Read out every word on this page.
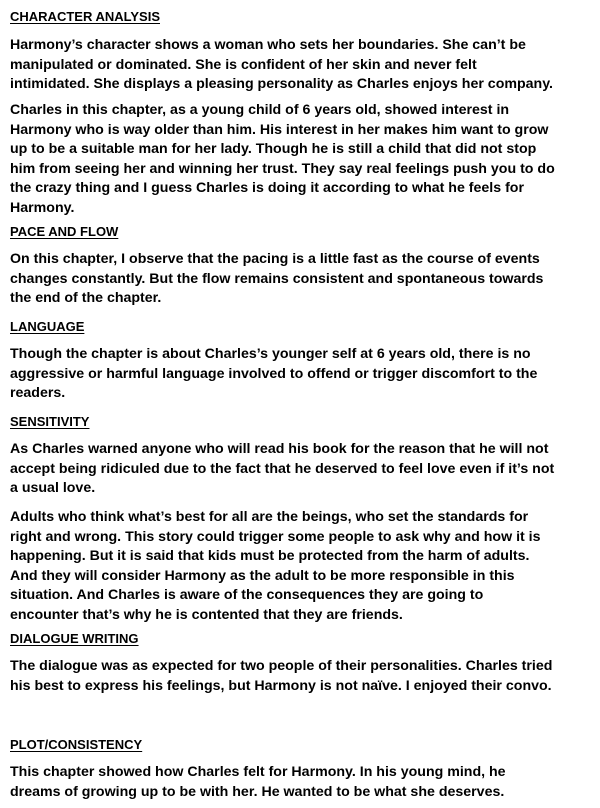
CHARACTER ANALYSIS
Harmony’s character shows a woman who sets her boundaries. She can’t be
manipulated or dominated. She is confident of her skin and never felt
intimidated. She displays a pleasing personality as Charles enjoys her company.
Charles in this chapter, as a young child of 6 years old, showed interest in
Harmony who is way older than him. His interest in her makes him want to grow
up to be a suitable man for her lady. Though he is still a child that did not stop
him from seeing her and winning her trust. They say real feelings push you to do
the crazy thing and I guess Charles is doing it according to what he feels for
Harmony.
PACE AND FLOW
On this chapter, I observe that the pacing is a little fast as the course of events
changes constantly. But the flow remains consistent and spontaneous towards
the end of the chapter.
LANGUAGE
Though the chapter is about Charles’s younger self at 6 years old, there is no
aggressive or harmful language involved to offend or trigger discomfort to the
readers.
SENSITIVITY
As Charles warned anyone who will read his book for the reason that he will not
accept being ridiculed due to the fact that he deserved to feel love even if it’s not
a usual love.
Adults who think what’s best for all are the beings, who set the standards for
right and wrong. This story could trigger some people to ask why and how it is
happening. But it is said that kids must be protected from the harm of adults.
And they will consider Harmony as the adult to be more responsible in this
situation. And Charles is aware of the consequences they are going to
encounter that’s why he is contented that they are friends.
DIALOGUE WRITING
The dialogue was as expected for two people of their personalities. Charles tried
his best to express his feelings, but Harmony is not naïve. I enjoyed their convo.
PLOT/CONSISTENCY
This chapter showed how Charles felt for Harmony. In his young mind, he
dreams of growing up to be with her. He wanted to be what she deserves.
